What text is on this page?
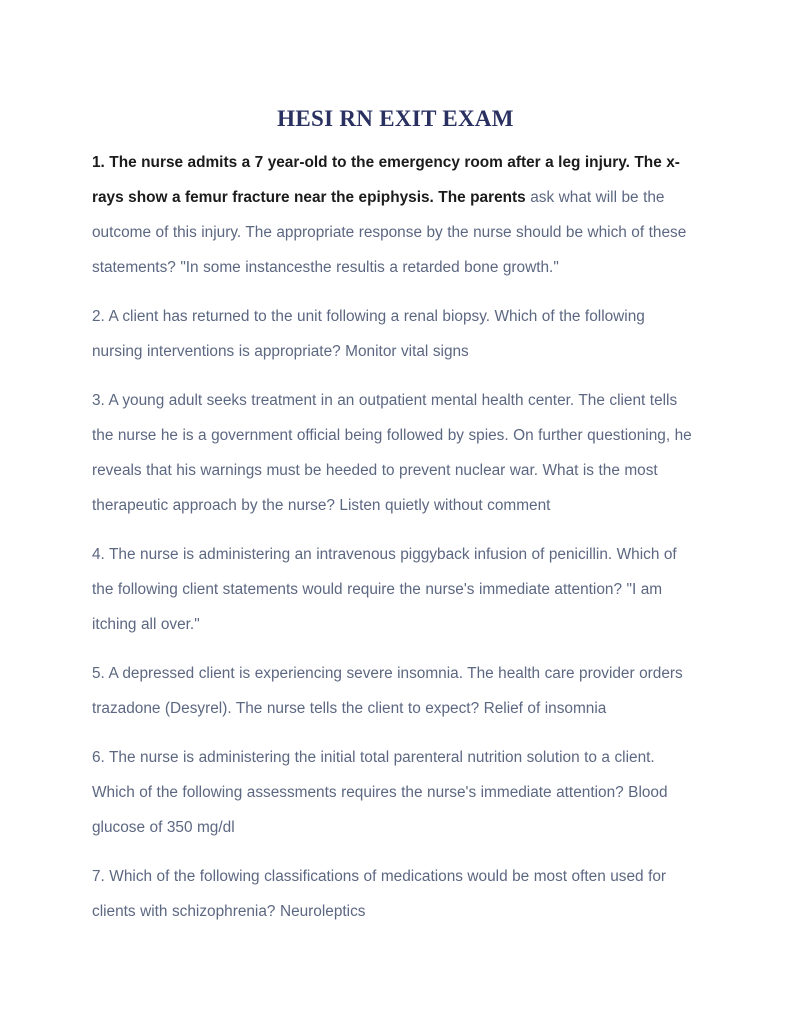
HESI RN EXIT EXAM

1. The nurse admits a 7 year-old to the emergency room after a leg injury. The x-rays show a femur fracture near the epiphysis. The parents ask what will be the outcome of this injury. The appropriate response by the nurse should be which of these statements? "In some instancesthe resultis a retarded bone growth."

2. A client has returned to the unit following a renal biopsy. Which of the following nursing interventions is appropriate? Monitor vital signs

3. A young adult seeks treatment in an outpatient mental health center. The client tells the nurse he is a government official being followed by spies. On further questioning, he reveals that his warnings must be heeded to prevent nuclear war. What is the most therapeutic approach by the nurse? Listen quietly without comment

4. The nurse is administering an intravenous piggyback infusion of penicillin. Which of the following client statements would require the nurse's immediate attention? "I am itching all over."

5. A depressed client is experiencing severe insomnia. The health care provider orders trazadone (Desyrel). The nurse tells the client to expect? Relief of insomnia

6. The nurse is administering the initial total parenteral nutrition solution to a client. Which of the following assessments requires the nurse's immediate attention? Blood glucose of 350 mg/dl

7. Which of the following classifications of medications would be most often used for clients with schizophrenia? Neuroleptics
